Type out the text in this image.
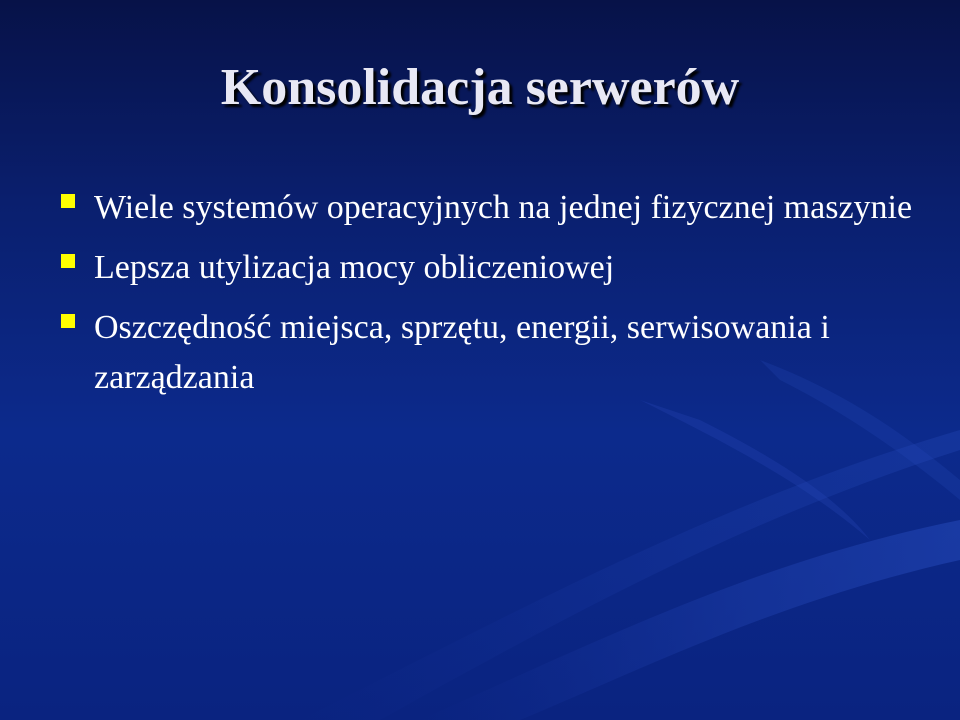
Konsolidacja serwerów
Wiele systemów operacyjnych na jednej fizycznej maszynie
Lepsza utylizacja mocy obliczeniowej
Oszczędność miejsca, sprzętu, energii, serwisowania i zarządzania
